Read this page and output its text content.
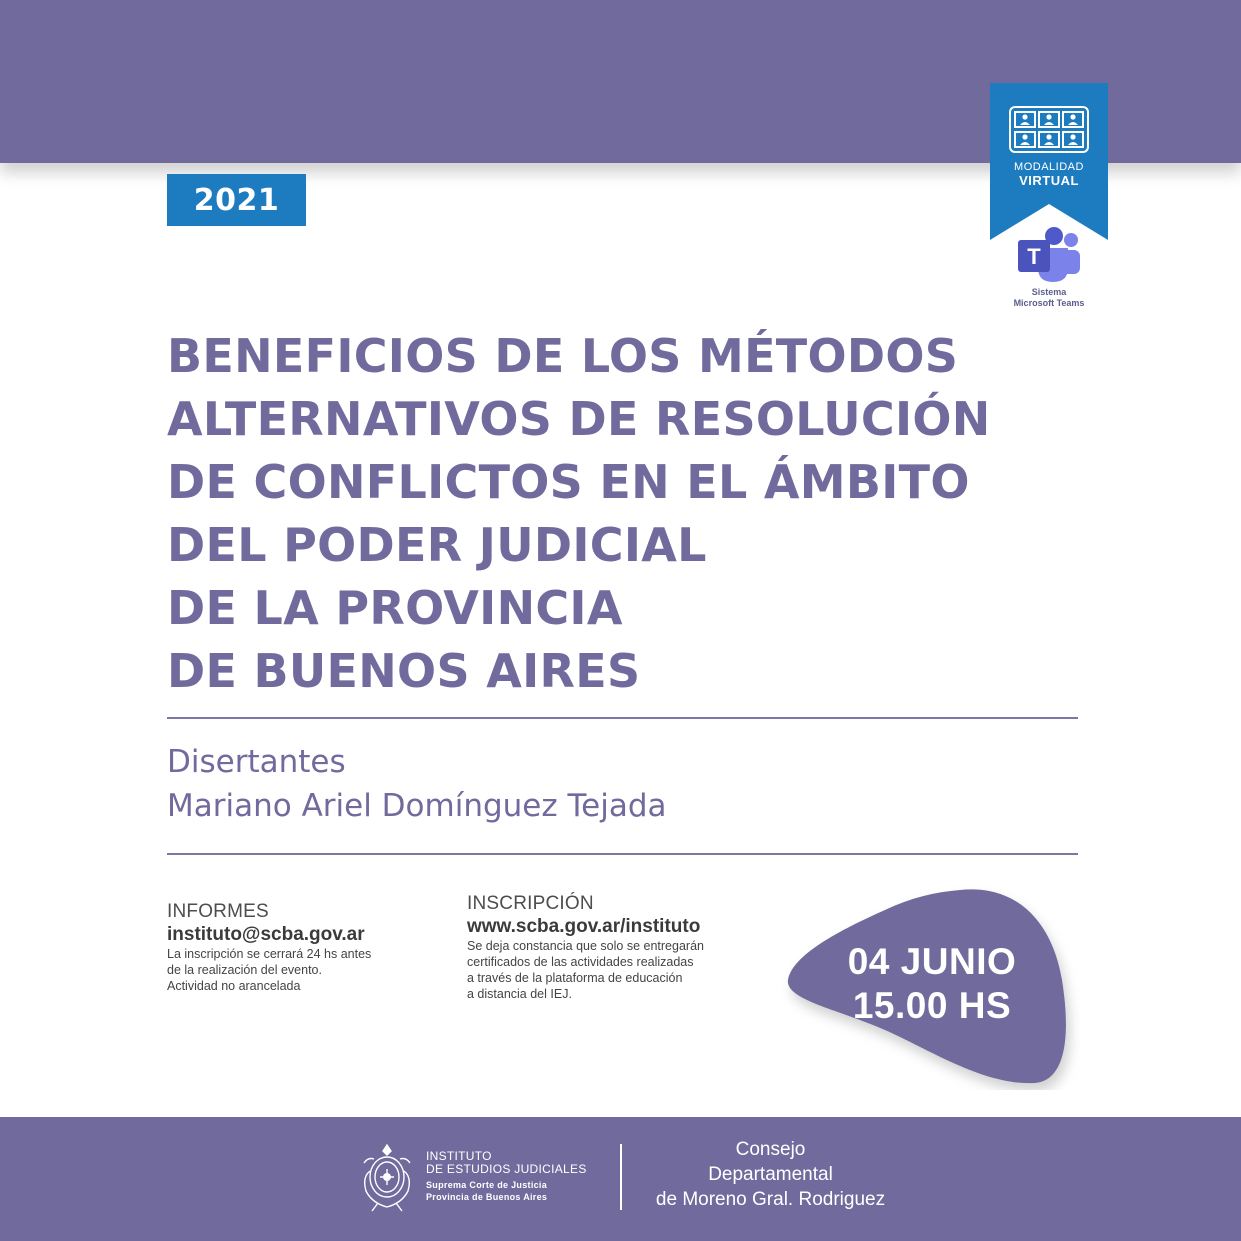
2021
MODALIDAD
VIRTUAL
T
Sistema
Microsoft Teams
BENEFICIOS DE LOS MÉTODOS
ALTERNATIVOS DE RESOLUCIÓN
DE CONFLICTOS EN EL ÁMBITO
DEL PODER JUDICIAL
DE LA PROVINCIA
DE BUENOS AIRES
Disertantes
Mariano Ariel Domínguez Tejada
INFORMES
instituto@scba.gov.ar
La inscripción se cerrará 24 hs antes
de la realización del evento.
Actividad no arancelada
INSCRIPCIÓN
www.scba.gov.ar/instituto
Se deja constancia que solo se entregarán
certificados de las actividades realizadas
a través de la plataforma de educación
a distancia del IEJ.
04 JUNIO
15.00 HS
INSTITUTO
DE ESTUDIOS JUDICIALES
Suprema Corte de Justicia
Provincia de Buenos Aires
Consejo
Departamental
de Moreno Gral. Rodriguez
